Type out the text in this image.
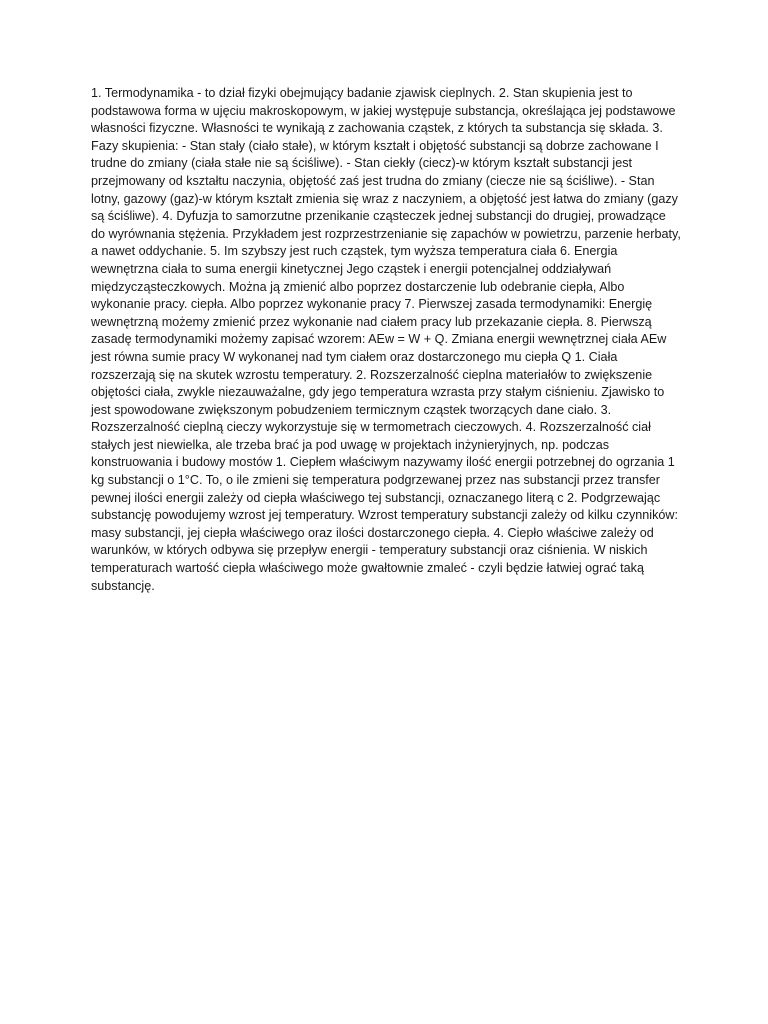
1. Termodynamika - to dział fizyki obejmujący badanie zjawisk cieplnych. 2. Stan skupienia jest to podstawowa forma w ujęciu makroskopowym, w jakiej występuje substancja, określająca jej podstawowe własności fizyczne. Własności te wynikają z zachowania cząstek, z których ta substancja się składa. 3. Fazy skupienia: - Stan stały (ciało stałe), w którym kształt i objętość substancji są dobrze zachowane I trudne do zmiany (ciała stałe nie są ściśliwe). - Stan ciekły (ciecz)-w którym kształt substancji jest przejmowany od kształtu naczynia, objętość zaś jest trudna do zmiany (ciecze nie są ściśliwe). - Stan lotny, gazowy (gaz)-w którym kształt zmienia się wraz z naczyniem, a objętość jest łatwa do zmiany (gazy są ściśliwe). 4. Dyfuzja to samorzutne przenikanie cząsteczek jednej substancji do drugiej, prowadzące do wyrównania stężenia. Przykładem jest rozprzestrzenianie się zapachów w powietrzu, parzenie herbaty, a nawet oddychanie. 5. Im szybszy jest ruch cząstek, tym wyższa temperatura ciała 6. Energia wewnętrzna ciała to suma energii kinetycznej Jego cząstek i energii potencjalnej oddziaływań międzycząsteczkowych. Można ją zmienić albo poprzez dostarczenie lub odebranie ciepła, Albo wykonanie pracy. ciepła. Albo poprzez wykonanie pracy 7. Pierwszej zasada termodynamiki: Energię wewnętrzną możemy zmienić przez wykonanie nad ciałem pracy lub przekazanie ciepła. 8. Pierwszą zasadę termodynamiki możemy zapisać wzorem: AEw = W + Q. Zmiana energii wewnętrznej ciała AEw jest równa sumie pracy W wykonanej nad tym ciałem oraz dostarczonego mu ciepła Q 1. Ciała rozszerzają się na skutek wzrostu temperatury. 2. Rozszerzalność cieplna materiałów to zwiększenie objętości ciała, zwykle niezauważalne, gdy jego temperatura wzrasta przy stałym ciśnieniu. Zjawisko to jest spowodowane zwiększonym pobudzeniem termicznym cząstek tworzących dane ciało. 3. Rozszerzalność cieplną cieczy wykorzystuje się w termometrach cieczowych. 4. Rozszerzalność ciał stałych jest niewielka, ale trzeba brać ja pod uwagę w projektach inżynieryjnych, np. podczas konstruowania i budowy mostów 1. Ciepłem właściwym nazywamy ilość energii potrzebnej do ogrzania 1 kg substancji o 1°C. To, o ile zmieni się temperatura podgrzewanej przez nas substancji przez transfer pewnej ilości energii zależy od ciepła właściwego tej substancji, oznaczanego literą c 2. Podgrzewając substancję powodujemy wzrost jej temperatury. Wzrost temperatury substancji zależy od kilku czynników: masy substancji, jej ciepła właściwego oraz ilości dostarczonego ciepła. 4. Ciepło właściwe zależy od warunków, w których odbywa się przepływ energii - temperatury substancji oraz ciśnienia. W niskich temperaturach wartość ciepła właściwego może gwałtownie zmaleć - czyli będzie łatwiej ograć taką substancję.
